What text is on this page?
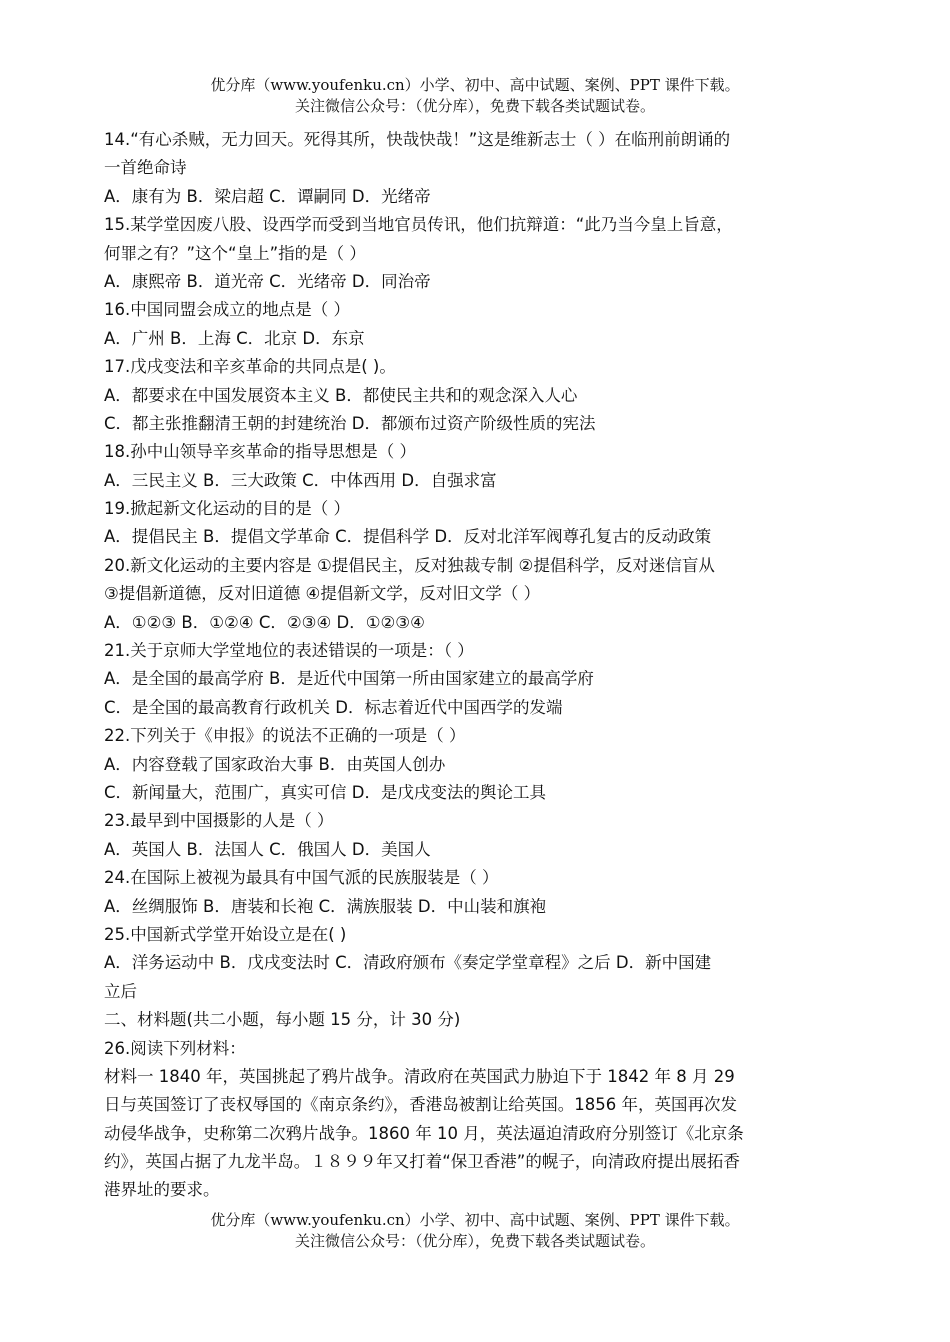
优分库（www.youfenku.cn）小学、初中、高中试题、案例、PPT 课件下载。
关注微信公众号：（优分库），免费下载各类试题试卷。
14.“有心杀贼，无力回天。死得其所，快哉快哉！”这是维新志士（ ）在临刑前朗诵的
一首绝命诗
A．康有为 B．梁启超 C．谭嗣同 D．光绪帝
15.某学堂因废八股、设西学而受到当地官员传讯，他们抗辩道：“此乃当今皇上旨意，
何罪之有？”这个“皇上”指的是（ ）
A．康熙帝 B．道光帝 C．光绪帝 D．同治帝
16.中国同盟会成立的地点是（ ）
A．广州 B．上海 C．北京 D．东京
17.戊戌变法和辛亥革命的共同点是( )。
A．都要求在中国发展资本主义 B．都使民主共和的观念深入人心
C．都主张推翻清王朝的封建统治 D．都颁布过资产阶级性质的宪法
18.孙中山领导辛亥革命的指导思想是（ ）
A．三民主义 B．三大政策 C．中体西用 D．自强求富
19.掀起新文化运动的目的是（ ）
A．提倡民主 B．提倡文学革命 C．提倡科学 D．反对北洋军阀尊孔复古的反动政策
20.新文化运动的主要内容是 ①提倡民主，反对独裁专制 ②提倡科学，反对迷信盲从
③提倡新道德，反对旧道德 ④提倡新文学，反对旧文学（ ）
A．①②③ B．①②④ C．②③④ D．①②③④
21.关于京师大学堂地位的表述错误的一项是：（ ）
A．是全国的最高学府 B．是近代中国第一所由国家建立的最高学府
C．是全国的最高教育行政机关 D．标志着近代中国西学的发端
22.下列关于《申报》的说法不正确的一项是（ ）
A．内容登载了国家政治大事 B．由英国人创办
C．新闻量大，范围广，真实可信 D．是戊戌变法的舆论工具
23.最早到中国摄影的人是（ ）
A．英国人 B．法国人 C．俄国人 D．美国人
24.在国际上被视为最具有中国气派的民族服装是（ ）
A．丝绸服饰 B．唐装和长袍 C．满族服装 D．中山装和旗袍
25.中国新式学堂开始设立是在( )
A．洋务运动中 B．戊戌变法时 C．清政府颁布《奏定学堂章程》之后 D．新中国建
立后
二、材料题(共二小题，每小题 15 分，计 30 分)
26.阅读下列材料：
材料一 1840 年，英国挑起了鸦片战争。清政府在英国武力胁迫下于 1842 年 8 月 29
日与英国签订了丧权辱国的《南京条约》，香港岛被割让给英国。1856 年，英国再次发
动侵华战争，史称第二次鸦片战争。1860 年 10 月，英法逼迫清政府分别签订《北京条
约》，英国占据了九龙半岛。１８９９年又打着“保卫香港”的幌子，向清政府提出展拓香
港界址的要求。
优分库（www.youfenku.cn）小学、初中、高中试题、案例、PPT 课件下载。
关注微信公众号：（优分库），免费下载各类试题试卷。
